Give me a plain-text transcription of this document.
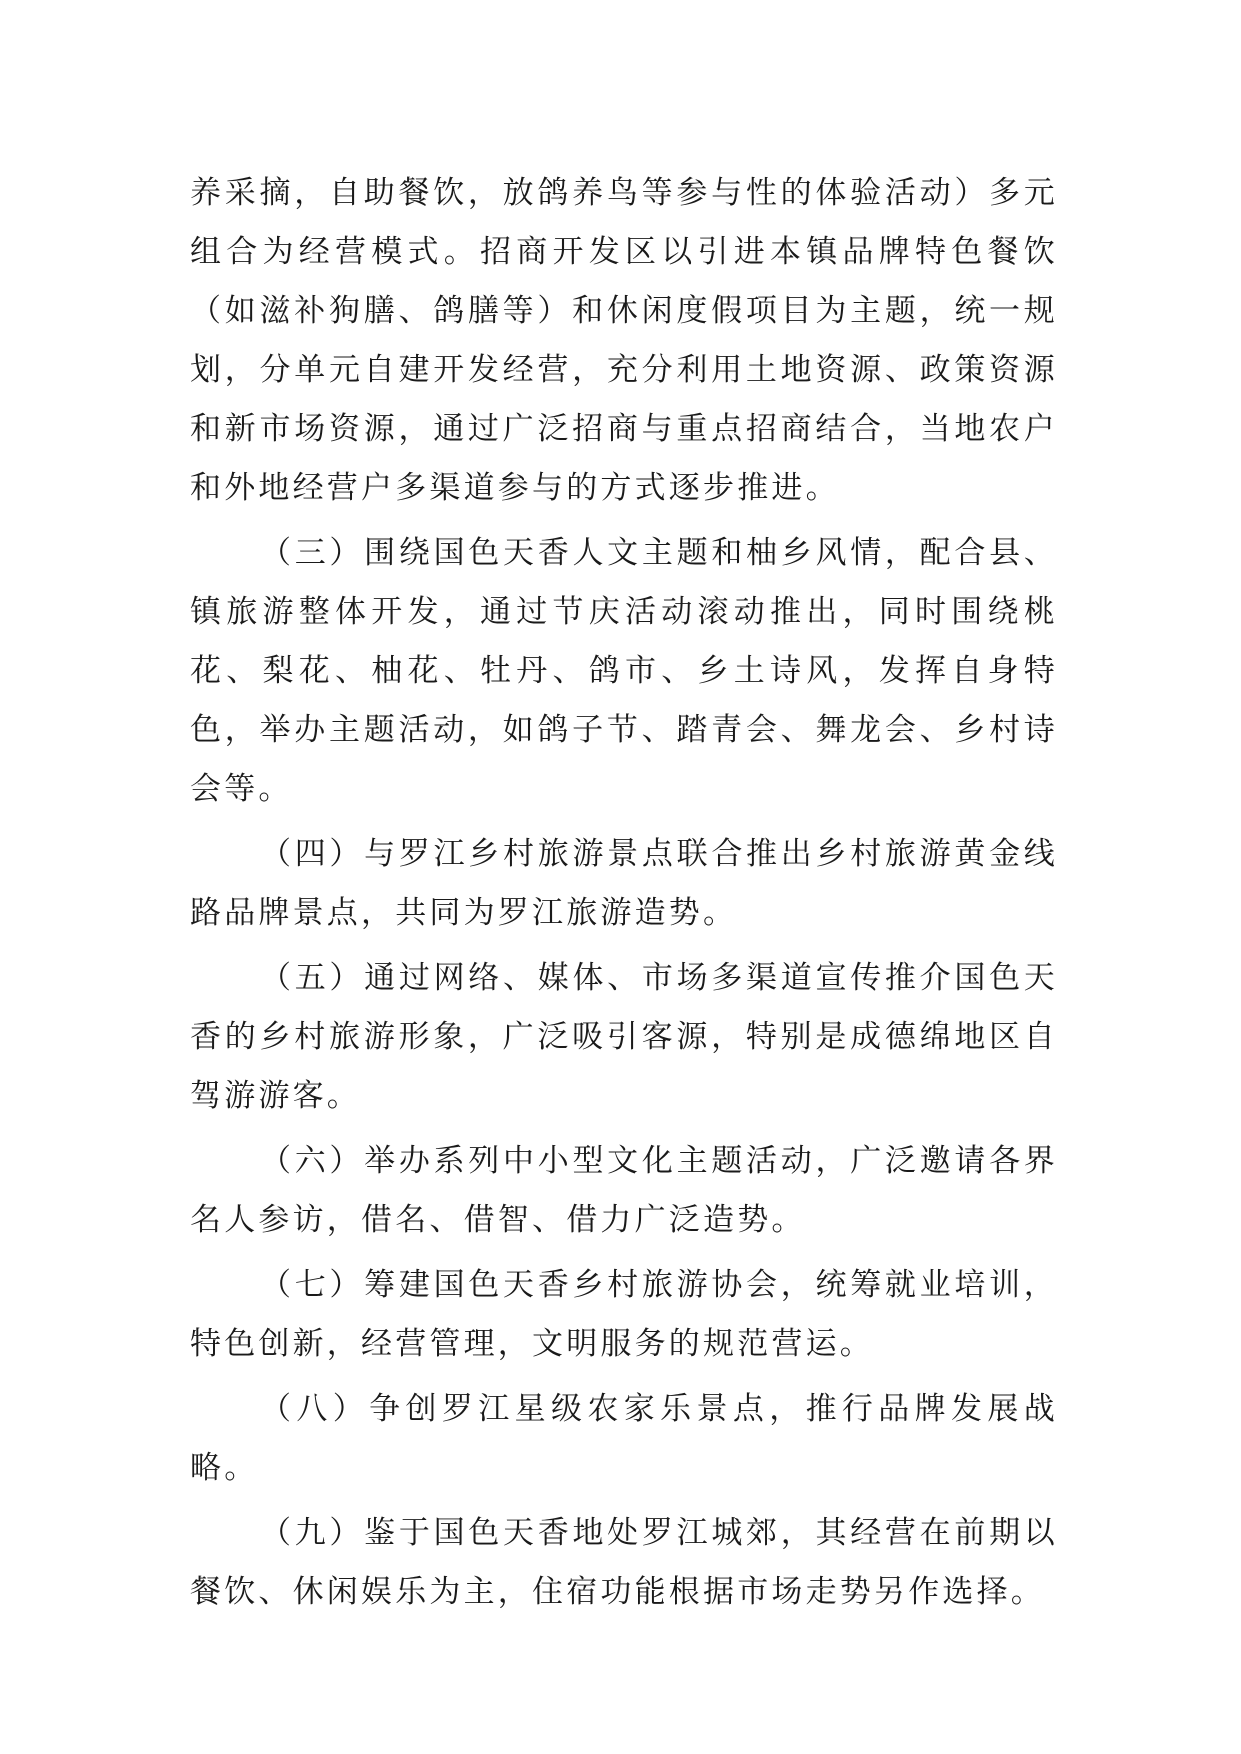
养采摘，自助餐饮，放鸽养鸟等参与性的体验活动）多元组合为经营模式。招商开发区以引进本镇品牌特色餐饮（如滋补狗膳、鸽膳等）和休闲度假项目为主题，统一规划，分单元自建开发经营，充分利用土地资源、政策资源和新市场资源，通过广泛招商与重点招商结合，当地农户和外地经营户多渠道参与的方式逐步推进。

（三）围绕国色天香人文主题和柚乡风情，配合县、镇旅游整体开发，通过节庆活动滚动推出，同时围绕桃花、梨花、柚花、牡丹、鸽市、乡土诗风，发挥自身特色，举办主题活动，如鸽子节、踏青会、舞龙会、乡村诗会等。

（四）与罗江乡村旅游景点联合推出乡村旅游黄金线路品牌景点，共同为罗江旅游造势。

（五）通过网络、媒体、市场多渠道宣传推介国色天香的乡村旅游形象，广泛吸引客源，特别是成德绵地区自驾游游客。

（六）举办系列中小型文化主题活动，广泛邀请各界名人参访，借名、借智、借力广泛造势。

（七）筹建国色天香乡村旅游协会，统筹就业培训，特色创新，经营管理，文明服务的规范营运。

（八）争创罗江星级农家乐景点，推行品牌发展战略。

（九）鉴于国色天香地处罗江城郊，其经营在前期以餐饮、休闲娱乐为主，住宿功能根据市场走势另作选择。
